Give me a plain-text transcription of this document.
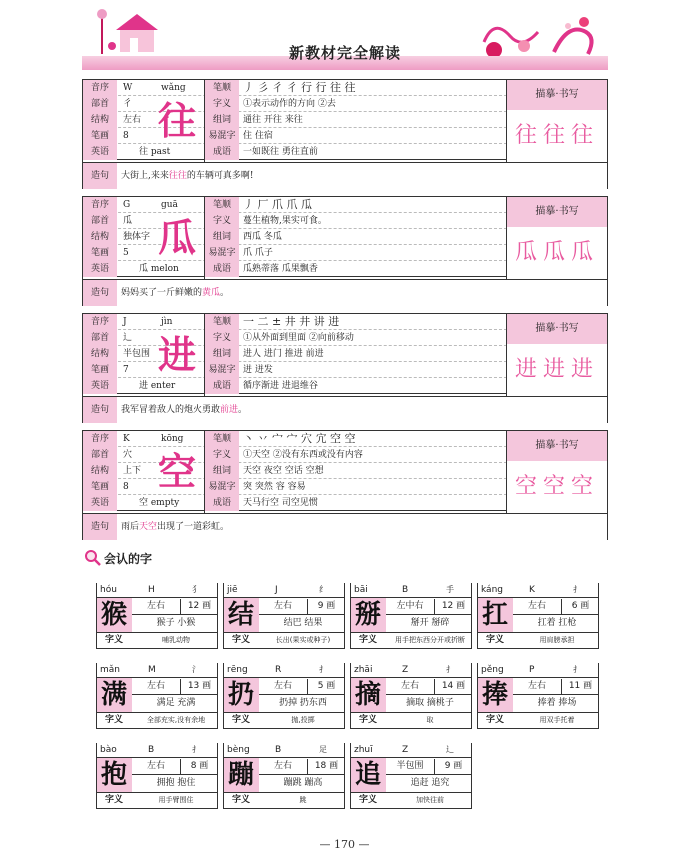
新教材完全解读
音序	W	wǎng	笔顺	丿 彡 彳 彳 行 行 往 往
部首	彳	字义	①表示动作的方向 ②去
结构	左右	组词	通往 开往 来往
笔画	8	易混字 住 住宿
英语	往 past	成语	一如既往 勇往直前
往
描摹·书写
往往往
造句	大街上,来来往往的车辆可真多啊!
音序	G	guā	笔顺	丿 厂 爪 爪 瓜
部首	瓜	字义	蔓生植物,果实可食。
结构	独体字	组词	西瓜 冬瓜
笔画	5	易混字 爪 爪子
英语	瓜 melon	成语	瓜熟蒂落 瓜果飘香
瓜
描摹·书写
瓜瓜瓜
造句	妈妈买了一斤鲜嫩的黄瓜。
音序	J	jìn	笔顺	一 二 ± 井 井 讲 进
部首	辶	字义	①从外面到里面 ②向前移动
结构	半包围	组词	进人 进门 推进 前进
笔画	7	易混字 迸 迸发
英语	进 enter	成语	循序渐进 进退维谷
进
描摹·书写
进进进
造句	我军冒着敌人的炮火勇敢前进。
音序	K	kōng	笔顺	丶 丷 宀 宀 穴 宂 空 空
部首	穴	字义	①天空 ②没有东西或没有内容
结构	上下	组词	天空 夜空 空话 空想
笔画	8	易混字 突 突然 容 容易
英语	空 empty	成语	天马行空 司空见惯
空
描摹·书写
空空空
造句	雨后天空出现了一道彩虹。
会认的字
hóu	H	犭
猴	左右	12 画
猴子 小猴
字义	哺乳动物
jiē	J	纟
结	左右	9 画
结巴 结果
字义	长出(果实或种子)
bāi	B	手
掰	左中右	12 画
掰开 掰碎
字义	用手把东西分开或折断
káng	K	扌
扛	左右	6 画
扛着 扛枪
字义	用肩膀承担
mǎn	M	氵
满	左右	13 画
满足 充满
字义	全部充实,没有余地
rēng	R	扌
扔	左右	5 画
扔掉 扔东西
字义	抛,投掷
zhāi	Z	扌
摘	左右	14 画
摘取 摘桃子
字义	取
pěng	P	扌
捧	左右	11 画
捧着 捧场
字义	用双手托着
bào	B	扌
抱	左右	8 画
拥抱 抱住
字义	用手臂围住
bèng	B	足
蹦	左右	18 画
蹦跳 蹦高
字义	跳
zhuī	Z	辶
追	半包围	9 画
追赶 追究
字义	加快往前
— 170 —
